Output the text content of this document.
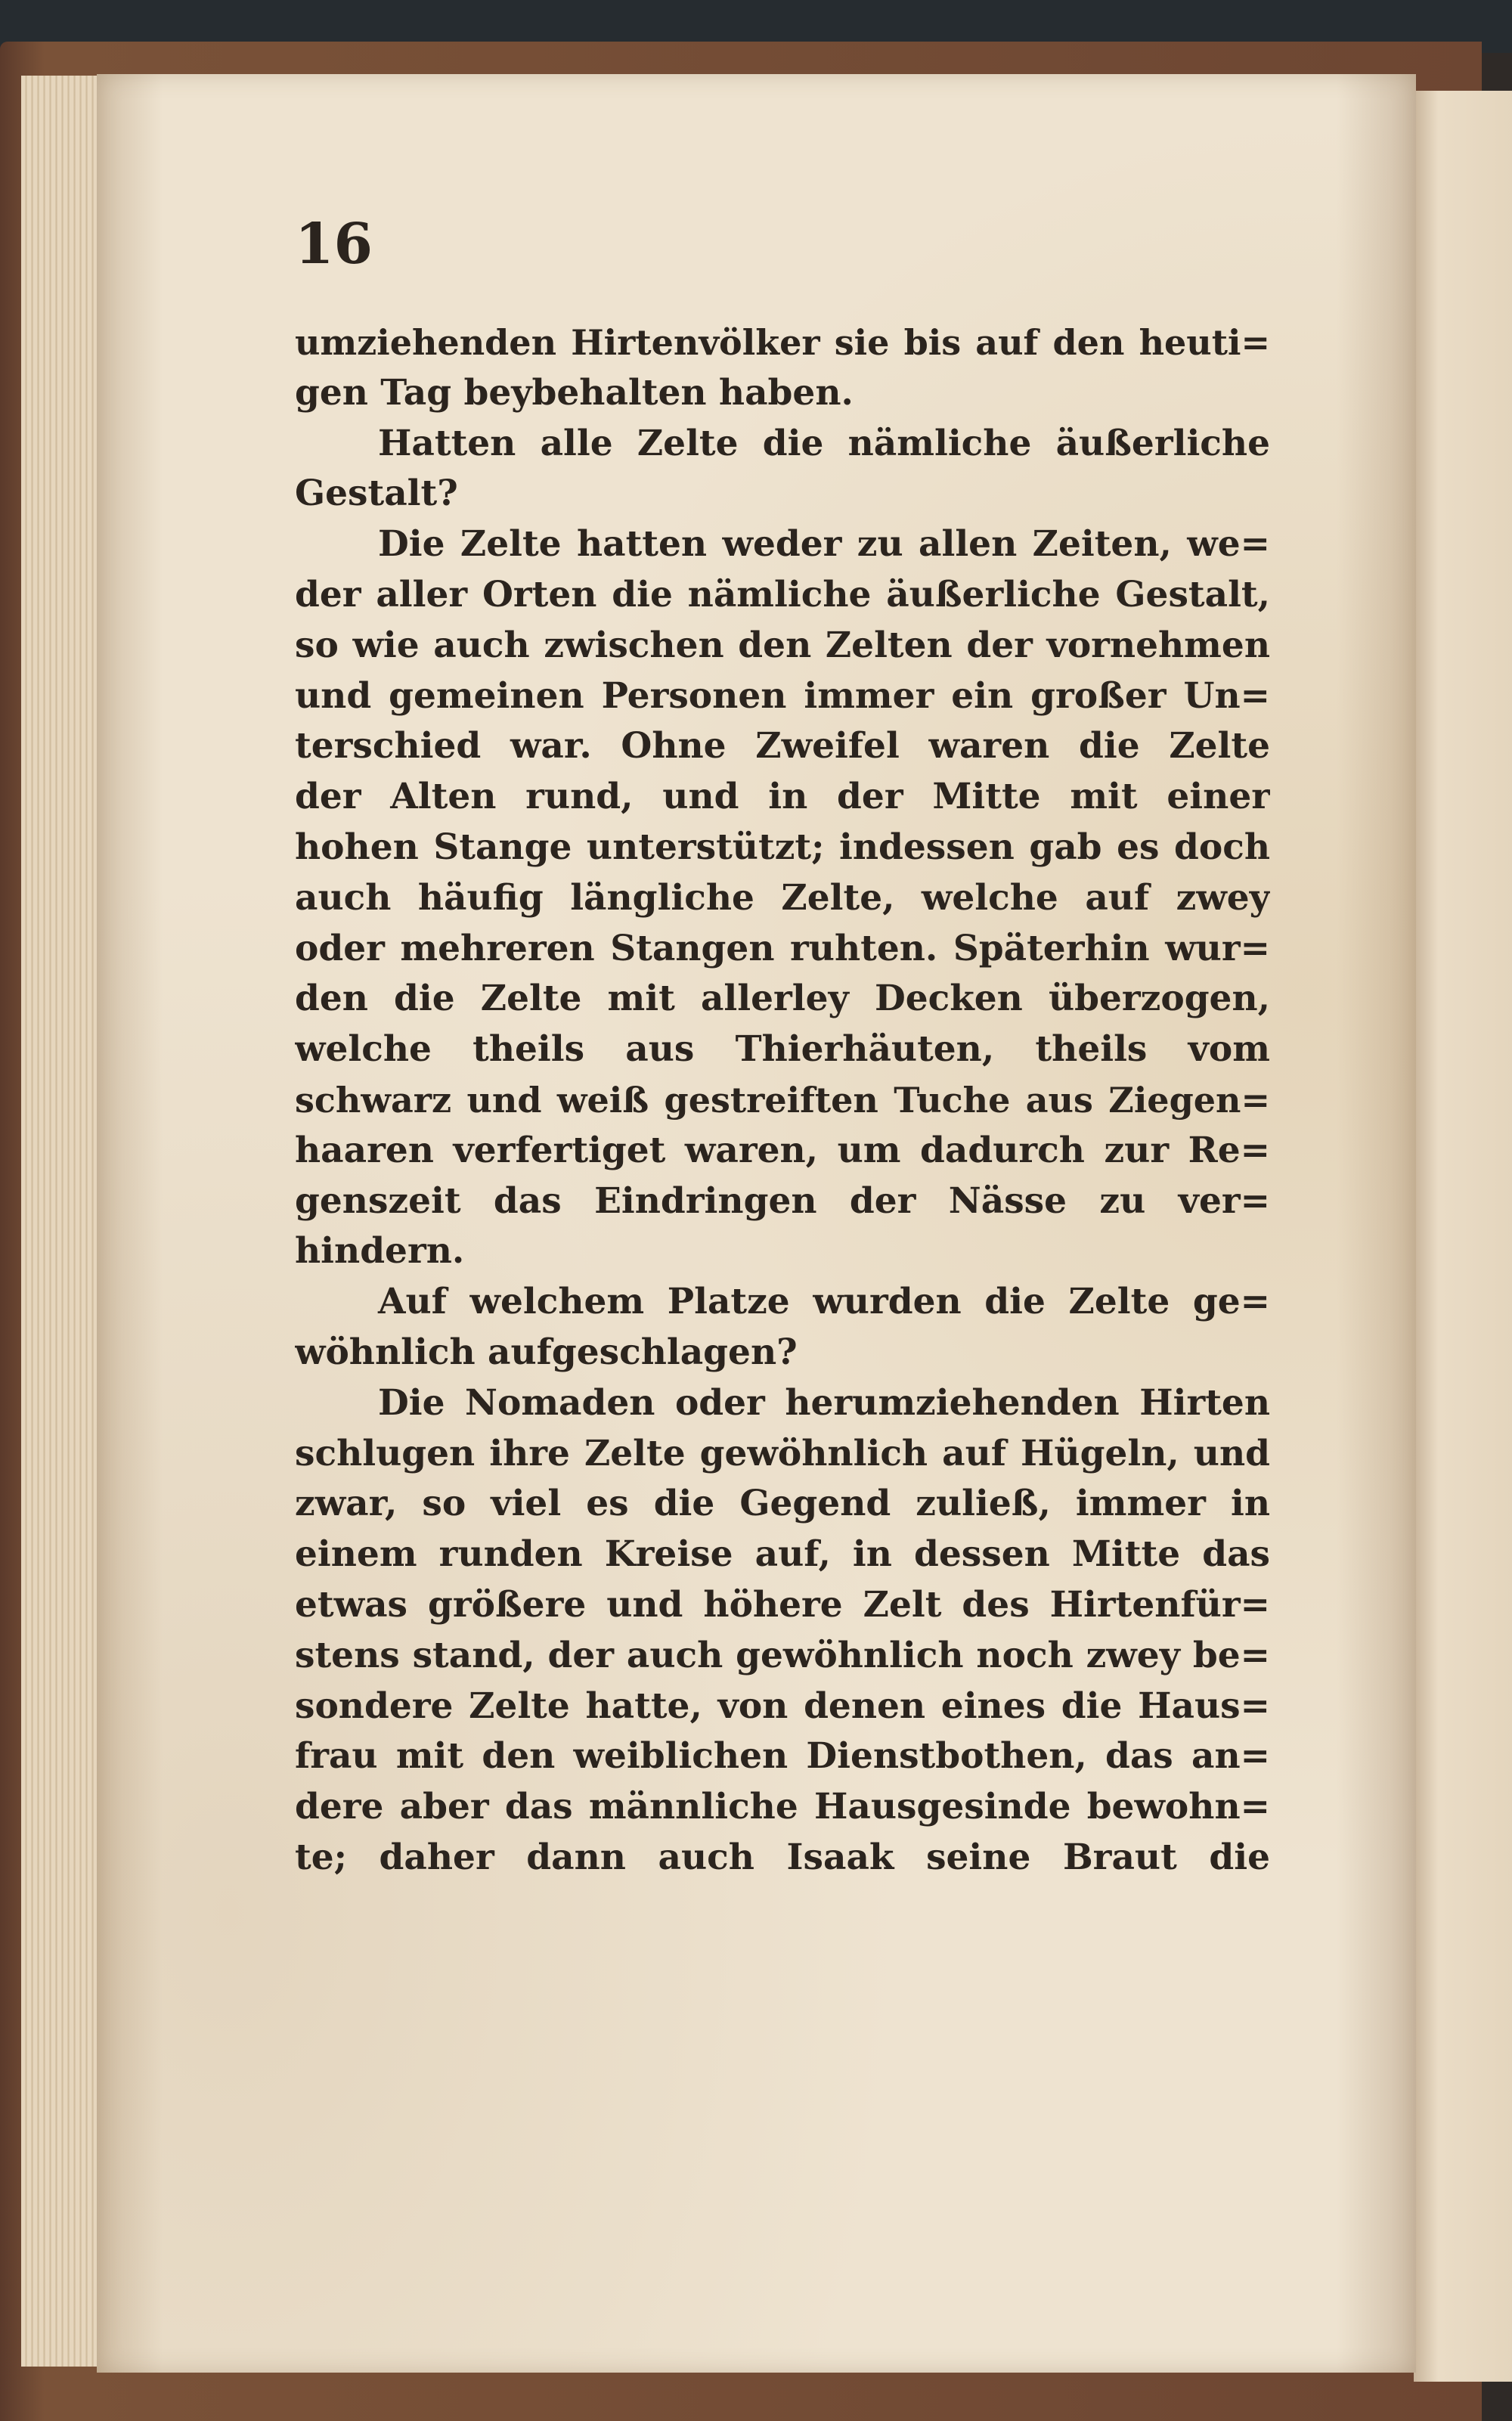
16

umziehenden Hirtenvölker sie bis auf den heuti=
gen Tag beybehalten haben.
Hatten alle Zelte die nämliche äußerliche
Gestalt?
Die Zelte hatten weder zu allen Zeiten, we=
der aller Orten die nämliche äußerliche Gestalt,
so wie auch zwischen den Zelten der vornehmen
und gemeinen Personen immer ein großer Un=
terschied war. Ohne Zweifel waren die Zelte
der Alten rund, und in der Mitte mit einer
hohen Stange unterstützt; indessen gab es doch
auch häufig längliche Zelte, welche auf zwey
oder mehreren Stangen ruhten. Späterhin wur=
den die Zelte mit allerley Decken überzogen,
welche theils aus Thierhäuten, theils vom
schwarz und weiß gestreiften Tuche aus Ziegen=
haaren verfertiget waren, um dadurch zur Re=
genszeit das Eindringen der Nässe zu ver=
hindern.
Auf welchem Platze wurden die Zelte ge=
wöhnlich aufgeschlagen?
Die Nomaden oder herumziehenden Hirten
schlugen ihre Zelte gewöhnlich auf Hügeln, und
zwar, so viel es die Gegend zuließ, immer in
einem runden Kreise auf, in dessen Mitte das
etwas größere und höhere Zelt des Hirtenfür=
stens stand, der auch gewöhnlich noch zwey be=
sondere Zelte hatte, von denen eines die Haus=
frau mit den weiblichen Dienstbothen, das an=
dere aber das männliche Hausgesinde bewohn=
te; daher dann auch Isaak seine Braut die
